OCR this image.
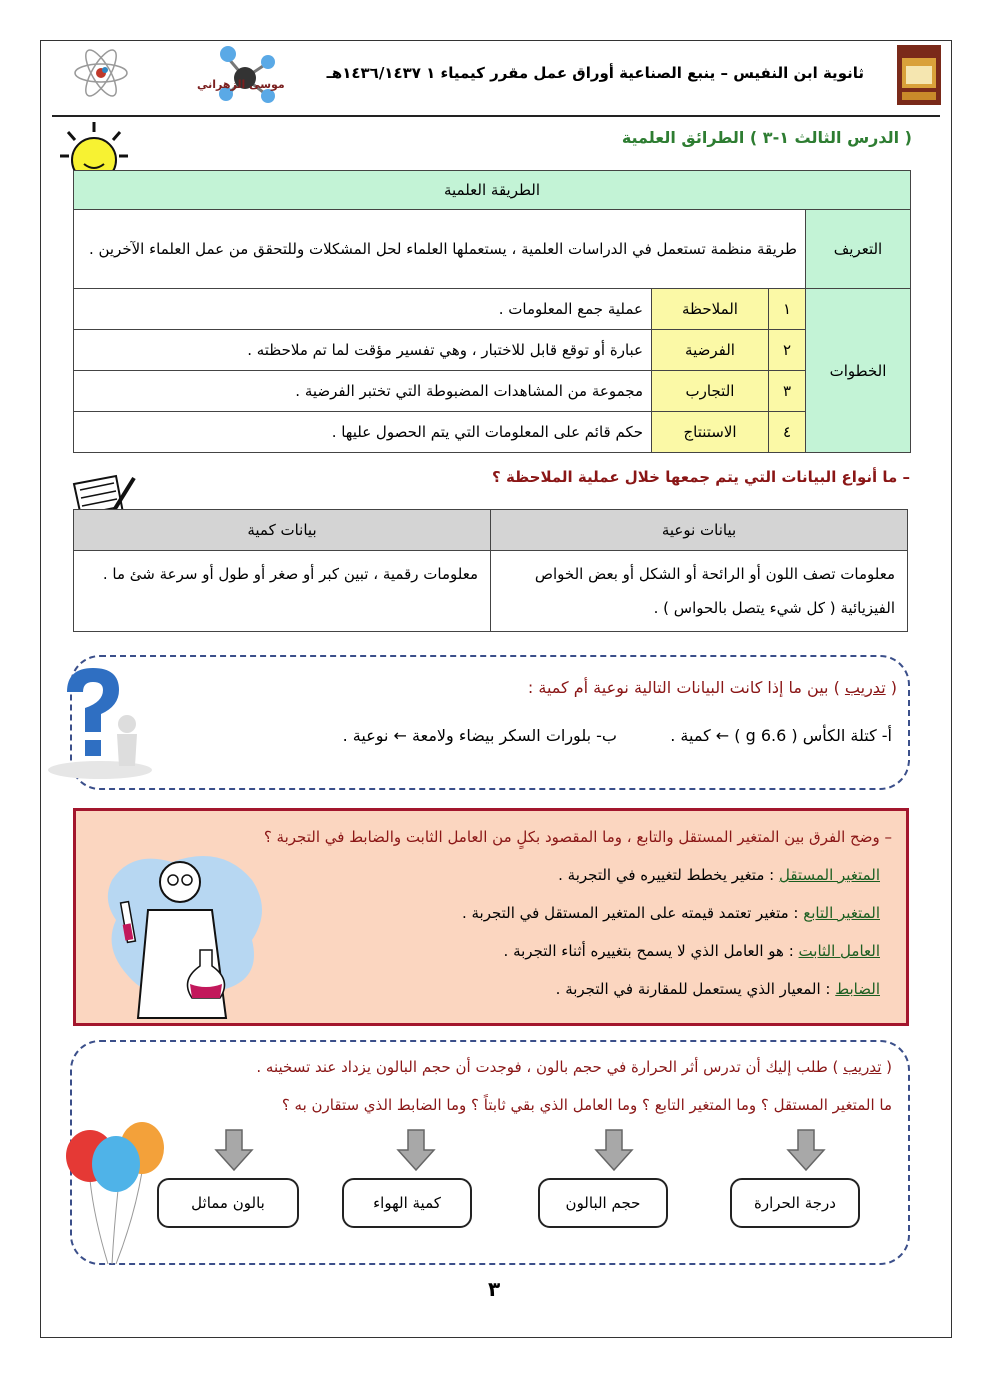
موسى الزهراني
ثانوية ابن النفيس – ينبع الصناعية أوراق عمل مقرر كيمياء ١ ١٤٣٦/١٤٣٧هـ
( الدرس الثالث ١-٣ ) الطرائق العلمية
الطريقة العلمية			
التعريف	طريقة منظمة تستعمل في الدراسات العلمية ، يستعملها العلماء لحل المشكلات وللتحقق من عمل العلماء الآخرين .		
الخطوات	١	الملاحظة	عملية جمع المعلومات .
	٢	الفرضية	عبارة أو توقع قابل للاختبار ، وهي تفسير مؤقت لما تم ملاحظته .
	٣	التجارب	مجموعة من المشاهدات المضبوطة التي تختبر الفرضية .
	٤	الاستنتاج	حكم قائم على المعلومات التي يتم الحصول عليها .
– ما أنواع البيانات التي يتم جمعها خلال عملية الملاحظة ؟
بيانات نوعية	بيانات كمية
معلومات تصف اللون أو الرائحة أو الشكل أو بعض الخواص الفيزيائية ( كل شيء يتصل بالحواس ) .	معلومات رقمية ، تبين كبر أو صغر أو طول أو سرعة شئ ما .
( تدريب ) بين ما إذا كانت البيانات التالية نوعية أم كمية :
أ- كتلة الكأس ( 6.6 g ) ← كمية .
ب- بلورات السكر بيضاء ولامعة ← نوعية .
– وضح الفرق بين المتغير المستقل والتابع ، وما المقصود بكلٍ من العامل الثابت والضابط في التجربة ؟
المتغير المستقل : متغير يخطط لتغييره في التجربة .
المتغير التابع : متغير تعتمد قيمته على المتغير المستقل في التجربة .
العامل الثابت : هو العامل الذي لا يسمح بتغييره أثناء التجربة .
الضابط : المعيار الذي يستعمل للمقارنة في التجربة .
( تدريب ) طلب إليك أن تدرس أثر الحرارة في حجم بالون ، فوجدت أن حجم البالون يزداد عند تسخينه .
ما المتغير المستقل ؟ وما المتغير التابع ؟ وما العامل الذي بقي ثابتاً ؟ وما الضابط الذي ستقارن به ؟
درجة الحرارة
حجم البالون
كمية الهواء
بالون مماثل
٣
